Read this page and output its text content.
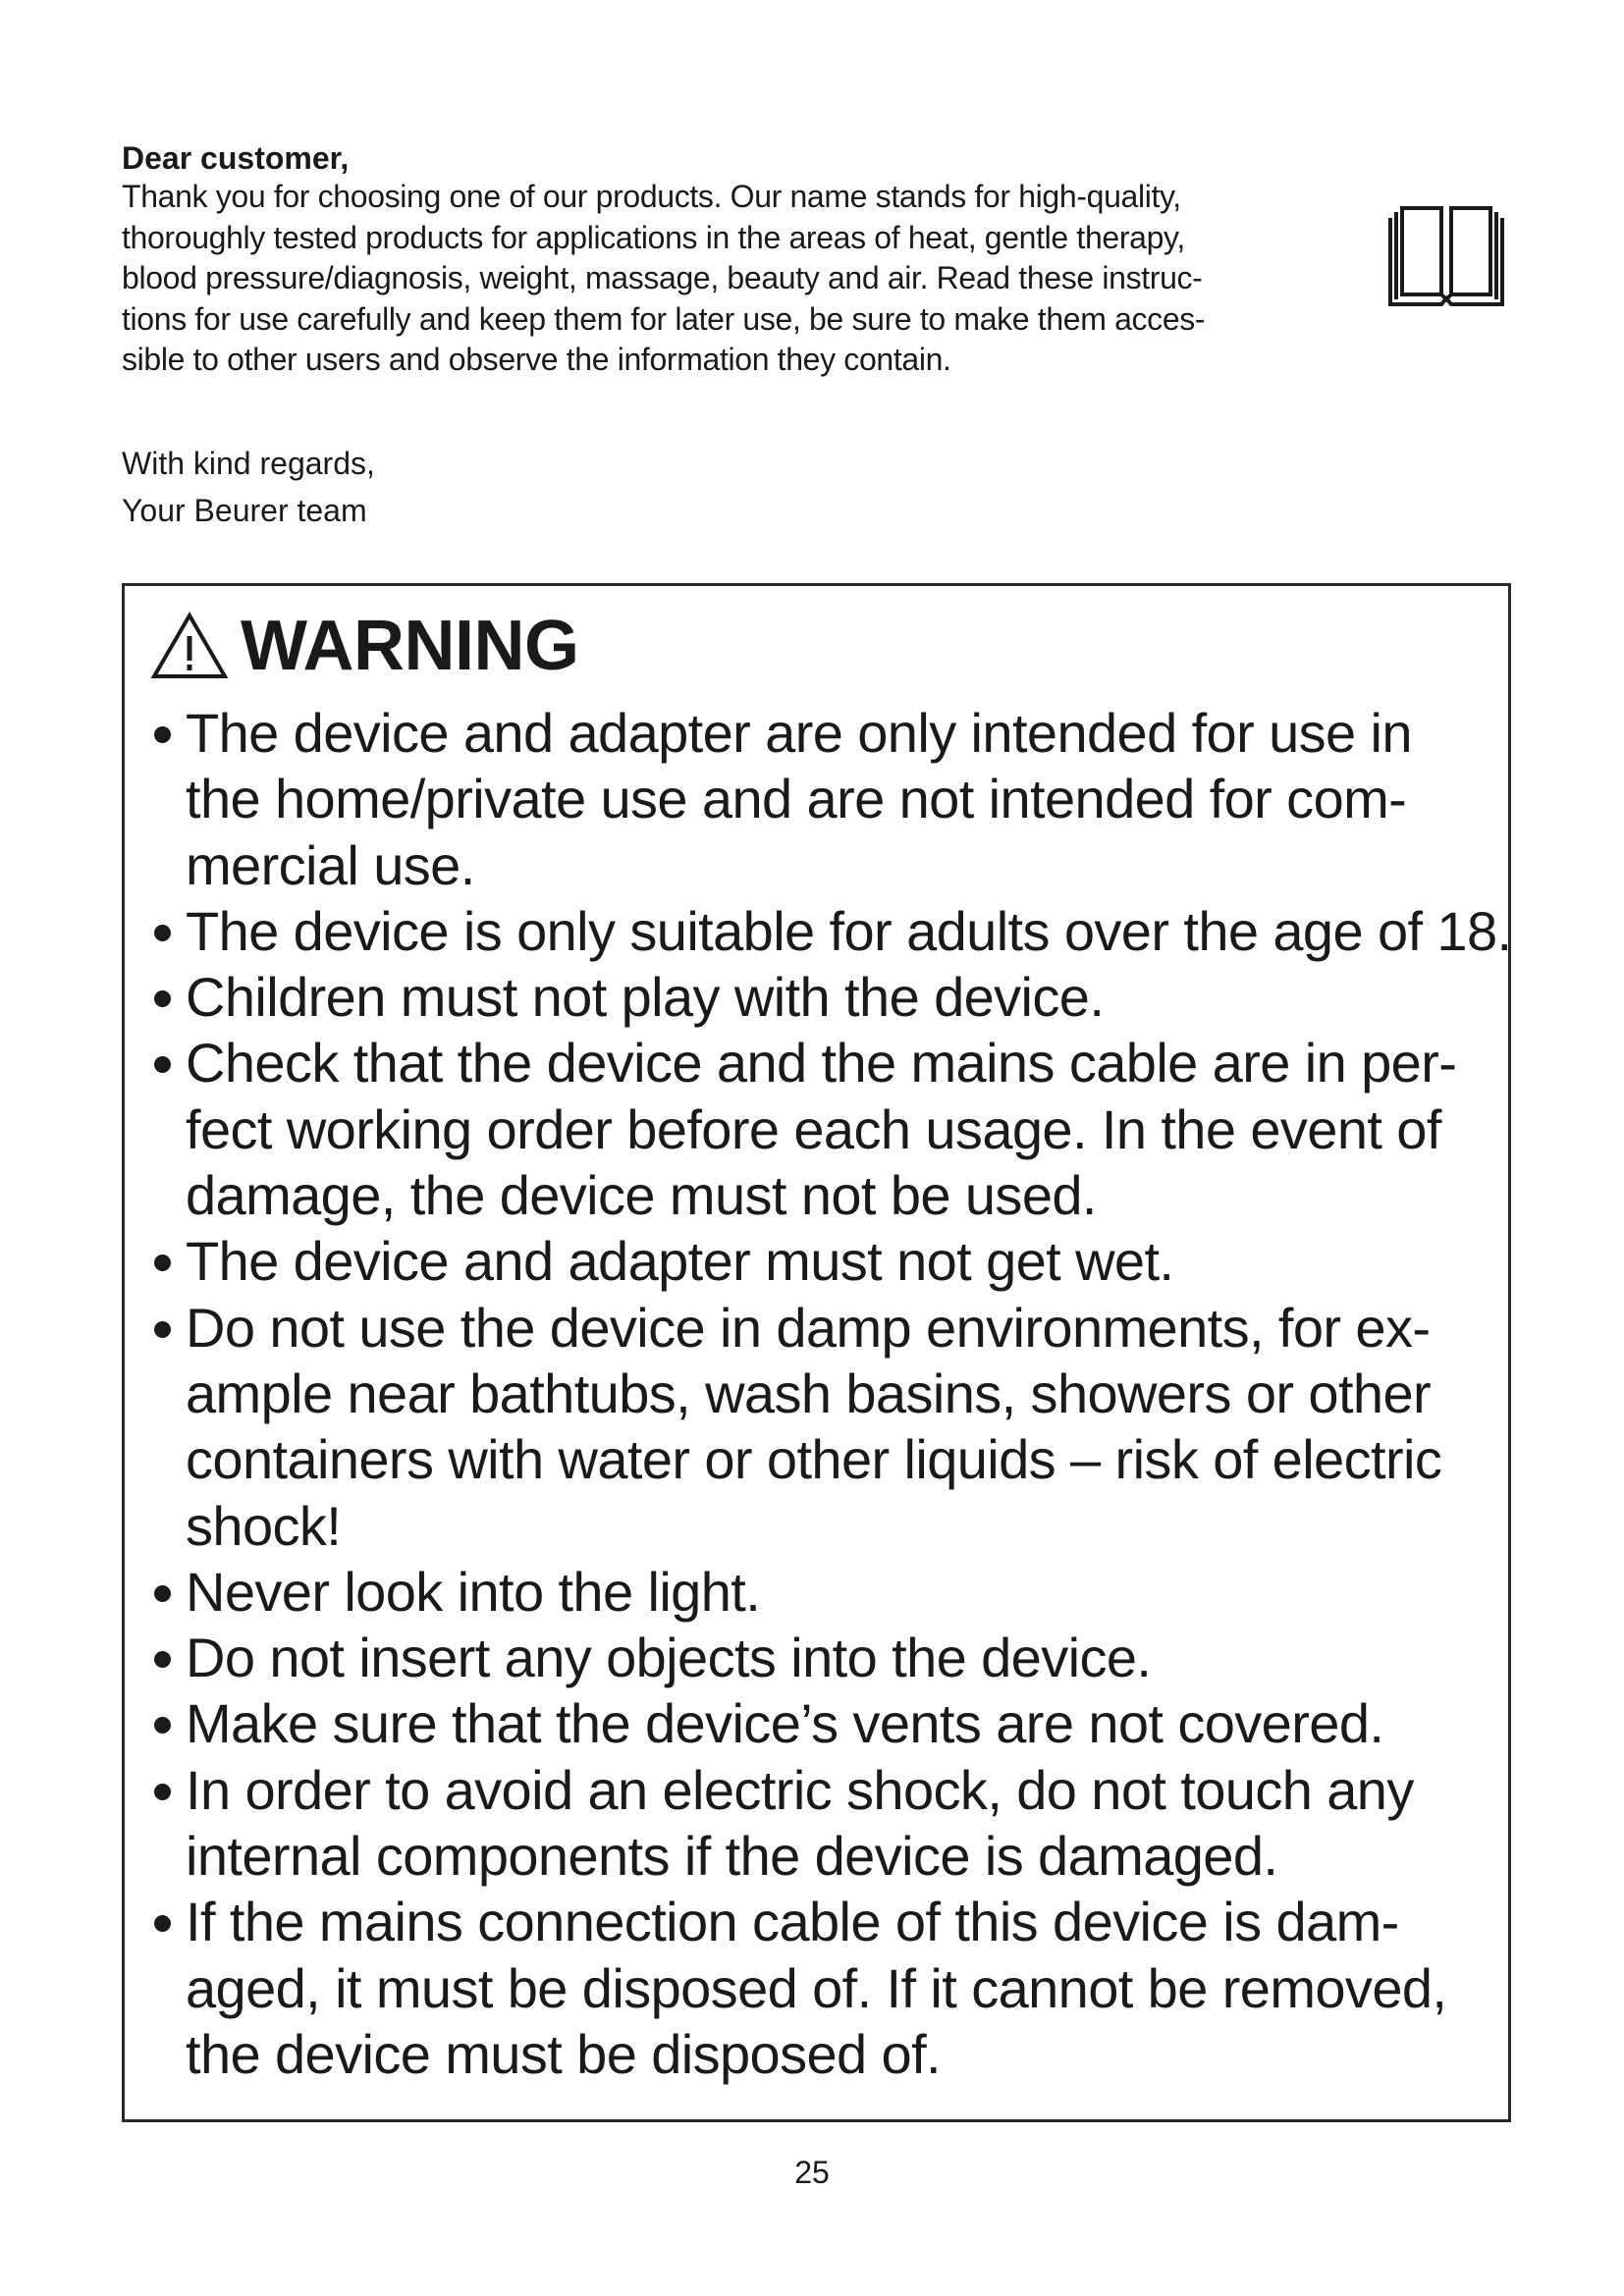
Dear customer,

Thank you for choosing one of our products. Our name stands for high-quality,

thoroughly tested products for applications in the areas of heat, gentle therapy,

blood pressure/diagnosis, weight, massage, beauty and air. Read these instruc-

tions for use carefully and keep them for later use, be sure to make them acces-

sible to other users and observe the information they contain.

With kind regards,

Your Beurer team

WARNING

The device and adapter are only intended for use in

the home/private use and are not intended for com-

mercial use.

The device is only suitable for adults over the age of 18.

Children must not play with the device.

Check that the device and the mains cable are in per-

fect working order before each usage. In the event of

damage, the device must not be used.

The device and adapter must not get wet.

Do not use the device in damp environments, for ex-

ample near bathtubs, wash basins, showers or other

containers with water or other liquids – risk of electric

shock!

Never look into the light.

Do not insert any objects into the device.

Make sure that the device’s vents are not covered.

In order to avoid an electric shock, do not touch any

internal components if the device is damaged.

If the mains connection cable of this device is dam-

aged, it must be disposed of. If it cannot be removed,

the device must be disposed of.

25
